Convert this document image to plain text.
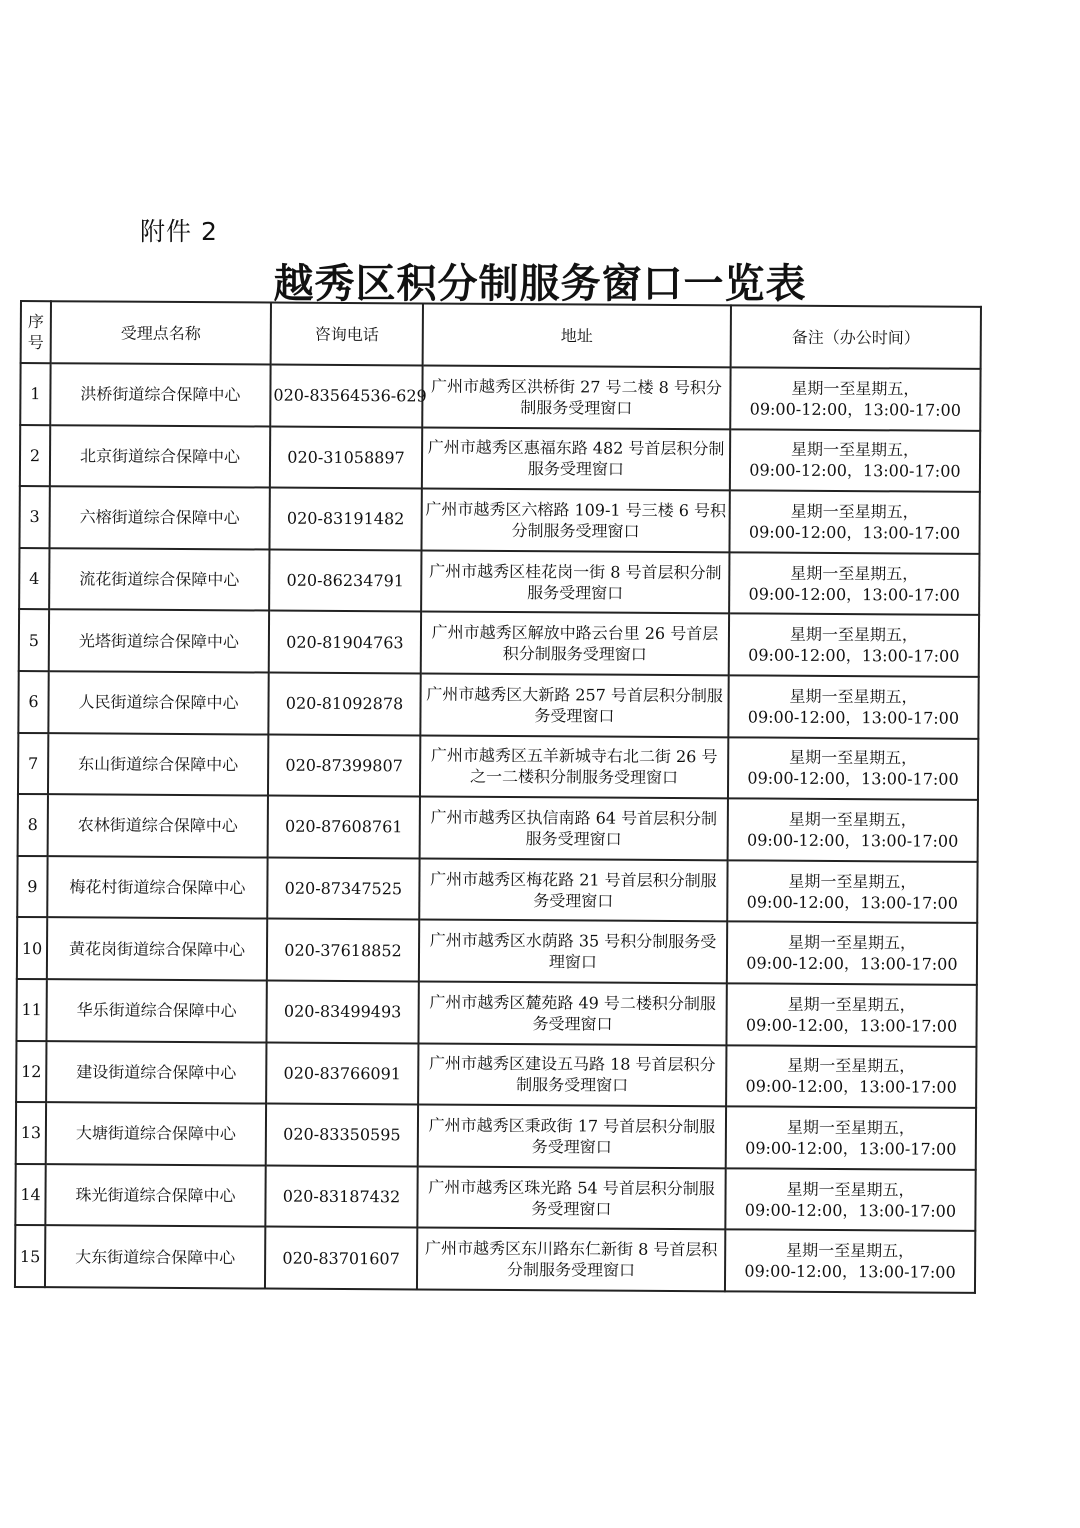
附件 2
越秀区积分制服务窗口一览表
序
号	受理点名称	咨询电话	地址	备注（办公时间）
1	洪桥街道综合保障中心	020-83564536-629	广州市越秀区洪桥街 27 号二楼 8 号积分制服务受理窗口	星期一至星期五，
09:00-12:00，13:00-17:00
2	北京街道综合保障中心	020-31058897	广州市越秀区惠福东路 482 号首层积分制服务受理窗口	星期一至星期五，
09:00-12:00，13:00-17:00
3	六榕街道综合保障中心	020-83191482	广州市越秀区六榕路 109-1 号三楼 6 号积分制服务受理窗口	星期一至星期五，
09:00-12:00，13:00-17:00
4	流花街道综合保障中心	020-86234791	广州市越秀区桂花岗一街 8 号首层积分制服务受理窗口	星期一至星期五，
09:00-12:00，13:00-17:00
5	光塔街道综合保障中心	020-81904763	广州市越秀区解放中路云台里 26 号首层积分制服务受理窗口	星期一至星期五，
09:00-12:00，13:00-17:00
6	人民街道综合保障中心	020-81092878	广州市越秀区大新路 257 号首层积分制服务受理窗口	星期一至星期五，
09:00-12:00，13:00-17:00
7	东山街道综合保障中心	020-87399807	广州市越秀区五羊新城寺右北二街 26 号之一二楼积分制服务受理窗口	星期一至星期五，
09:00-12:00，13:00-17:00
8	农林街道综合保障中心	020-87608761	广州市越秀区执信南路 64 号首层积分制服务受理窗口	星期一至星期五，
09:00-12:00，13:00-17:00
9	梅花村街道综合保障中心	020-87347525	广州市越秀区梅花路 21 号首层积分制服务受理窗口	星期一至星期五，
09:00-12:00，13:00-17:00
10	黄花岗街道综合保障中心	020-37618852	广州市越秀区水荫路 35 号积分制服务受理窗口	星期一至星期五，
09:00-12:00，13:00-17:00
11	华乐街道综合保障中心	020-83499493	广州市越秀区麓苑路 49 号二楼积分制服务受理窗口	星期一至星期五，
09:00-12:00，13:00-17:00
12	建设街道综合保障中心	020-83766091	广州市越秀区建设五马路 18 号首层积分制服务受理窗口	星期一至星期五，
09:00-12:00，13:00-17:00
13	大塘街道综合保障中心	020-83350595	广州市越秀区秉政街 17 号首层积分制服务受理窗口	星期一至星期五，
09:00-12:00，13:00-17:00
14	珠光街道综合保障中心	020-83187432	广州市越秀区珠光路 54 号首层积分制服务受理窗口	星期一至星期五，
09:00-12:00，13:00-17:00
15	大东街道综合保障中心	020-83701607	广州市越秀区东川路东仁新街 8 号首层积分制服务受理窗口	星期一至星期五，
09:00-12:00，13:00-17:00
